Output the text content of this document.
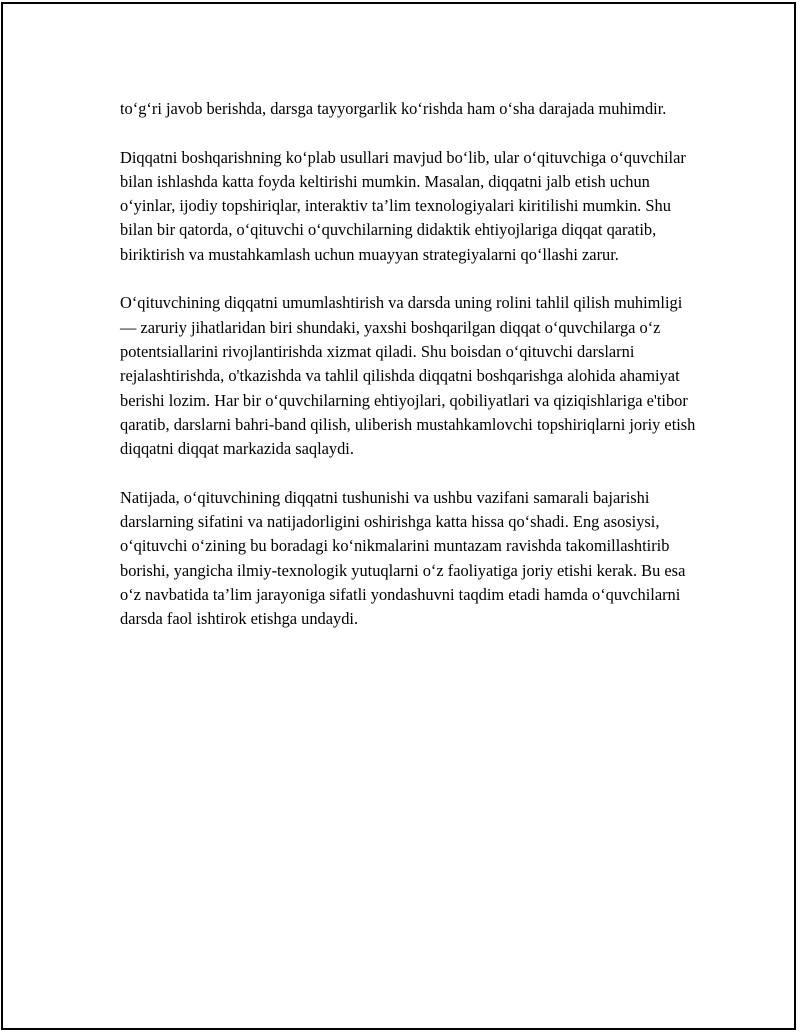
to‘g‘ri javob berishda, darsga tayyorgarlik ko‘rishda ham o‘sha darajada muhimdir.

Diqqatni boshqarishning ko‘plab usullari mavjud bo‘lib, ular o‘qituvchiga o‘quvchilar bilan ishlashda katta foyda keltirishi mumkin. Masalan, diqqatni jalb etish uchun o‘yinlar, ijodiy topshiriqlar, interaktiv ta’lim texnologiyalari kiritilishi mumkin. Shu bilan bir qatorda, o‘qituvchi o‘quvchilarning didaktik ehtiyojlariga diqqat qaratib, biriktirish va mustahkamlash uchun muayyan strategiyalarni qo‘llashi zarur.

O‘qituvchining diqqatni umumlashtirish va darsda uning rolini tahlil qilish muhimligi — zaruriy jihatlaridan biri shundaki, yaxshi boshqarilgan diqqat o‘quvchilarga o‘z potentsiallarini rivojlantirishda xizmat qiladi. Shu boisdan o‘qituvchi darslarni rejalashtirishda, o'tkazishda va tahlil qilishda diqqatni boshqarishga alohida ahamiyat berishi lozim. Har bir o‘quvchilarning ehtiyojlari, qobiliyatlari va qiziqishlariga e'tibor qaratib, darslarni bahri-band qilish, uliberish mustahkamlovchi topshiriqlarni joriy etish diqqatni diqqat markazida saqlaydi.

Natijada, o‘qituvchining diqqatni tushunishi va ushbu vazifani samarali bajarishi darslarning sifatini va natijadorligini oshirishga katta hissa qo‘shadi. Eng asosiysi, o‘qituvchi o‘zining bu boradagi ko‘nikmalarini muntazam ravishda takomillashtirib borishi, yangicha ilmiy-texnologik yutuqlarni o‘z faoliyatiga joriy etishi kerak. Bu esa o‘z navbatida ta’lim jarayoniga sifatli yondashuvni taqdim etadi hamda o‘quvchilarni darsda faol ishtirok etishga undaydi.
